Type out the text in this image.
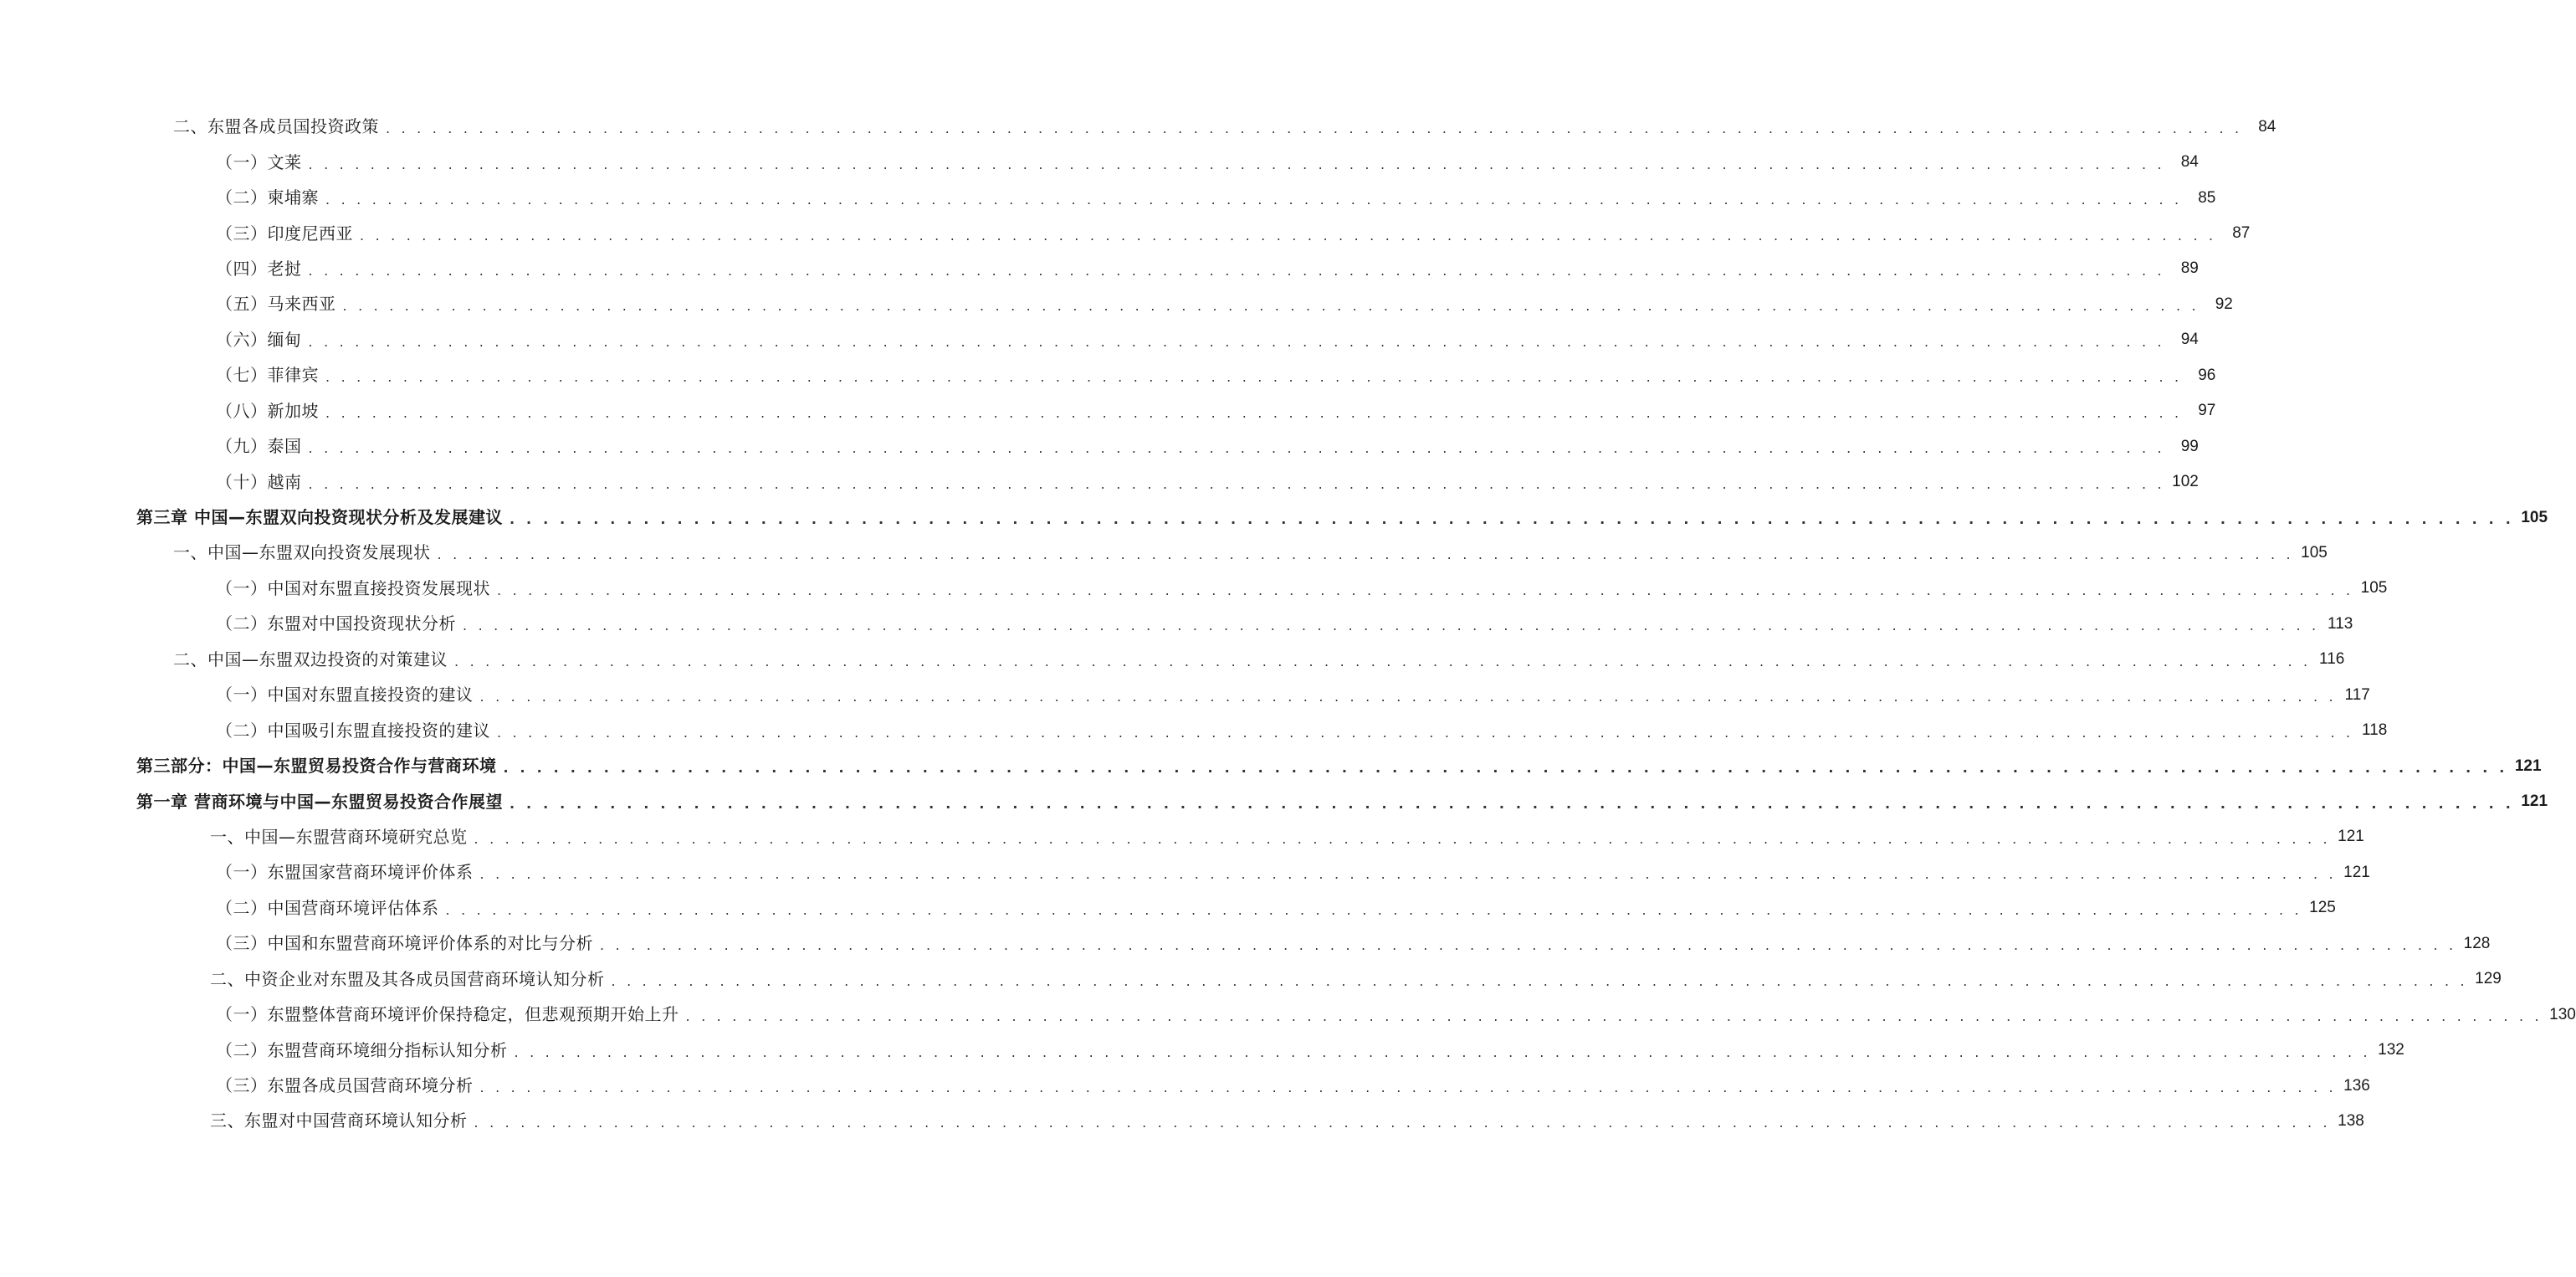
二、东盟各成员国投资政策 . . . . . . . . . . . . . . . . . . . . . . . . . . . . . . . . . . . . . . . . . . . . . . . . . . . . . . . . . . . . . . . . . . . . . . . . . . . . . . . . . . . . . . . . . . . . . . . . . . . . . . . . . . . . . . . . . . . . . . . . 84
（一）文莱 . . . . . . . . . . . . . . . . . . . . . . . . . . . . . . . . . . . . . . . . . . . . . . . . . . . . . . . . . . . . . . . . . . . . . . . . . . . . . . . . . . . . . . . . . . . . . . . . . . . . . . . . . . . . . . . . . . . . . . . . 84
（二）柬埔寨 . . . . . . . . . . . . . . . . . . . . . . . . . . . . . . . . . . . . . . . . . . . . . . . . . . . . . . . . . . . . . . . . . . . . . . . . . . . . . . . . . . . . . . . . . . . . . . . . . . . . . . . . . . . . . . . . . . . . . . . . 85
（三）印度尼西亚 . . . . . . . . . . . . . . . . . . . . . . . . . . . . . . . . . . . . . . . . . . . . . . . . . . . . . . . . . . . . . . . . . . . . . . . . . . . . . . . . . . . . . . . . . . . . . . . . . . . . . . . . . . . . . . . . . . . . . . . . 87
（四）老挝 . . . . . . . . . . . . . . . . . . . . . . . . . . . . . . . . . . . . . . . . . . . . . . . . . . . . . . . . . . . . . . . . . . . . . . . . . . . . . . . . . . . . . . . . . . . . . . . . . . . . . . . . . . . . . . . . . . . . . . . . 89
（五）马来西亚 . . . . . . . . . . . . . . . . . . . . . . . . . . . . . . . . . . . . . . . . . . . . . . . . . . . . . . . . . . . . . . . . . . . . . . . . . . . . . . . . . . . . . . . . . . . . . . . . . . . . . . . . . . . . . . . . . . . . . . . . 92
（六）缅甸 . . . . . . . . . . . . . . . . . . . . . . . . . . . . . . . . . . . . . . . . . . . . . . . . . . . . . . . . . . . . . . . . . . . . . . . . . . . . . . . . . . . . . . . . . . . . . . . . . . . . . . . . . . . . . . . . . . . . . . . . 94
（七）菲律宾 . . . . . . . . . . . . . . . . . . . . . . . . . . . . . . . . . . . . . . . . . . . . . . . . . . . . . . . . . . . . . . . . . . . . . . . . . . . . . . . . . . . . . . . . . . . . . . . . . . . . . . . . . . . . . . . . . . . . . . . . 96
（八）新加坡 . . . . . . . . . . . . . . . . . . . . . . . . . . . . . . . . . . . . . . . . . . . . . . . . . . . . . . . . . . . . . . . . . . . . . . . . . . . . . . . . . . . . . . . . . . . . . . . . . . . . . . . . . . . . . . . . . . . . . . . . 97
（九）泰国 . . . . . . . . . . . . . . . . . . . . . . . . . . . . . . . . . . . . . . . . . . . . . . . . . . . . . . . . . . . . . . . . . . . . . . . . . . . . . . . . . . . . . . . . . . . . . . . . . . . . . . . . . . . . . . . . . . . . . . . . 99
（十）越南 . . . . . . . . . . . . . . . . . . . . . . . . . . . . . . . . . . . . . . . . . . . . . . . . . . . . . . . . . . . . . . . . . . . . . . . . . . . . . . . . . . . . . . . . . . . . . . . . . . . . . . . . . . . . . . . . . . . . . . . . 102
第三章 中国—东盟双向投资现状分析及发展建议 . . . . . . . . . . . . . . . . . . . . . . . . . . . . . . . . . . . . . . . . . . . . . . . . . . . . . . . . . . . . . . . . . . . . . . . . . . . . . . . . . . . . . . . . . . . . . . . . . . . . . . . . . . . . . . . . . . . . . . . . 105
一、中国—东盟双向投资发展现状 . . . . . . . . . . . . . . . . . . . . . . . . . . . . . . . . . . . . . . . . . . . . . . . . . . . . . . . . . . . . . . . . . . . . . . . . . . . . . . . . . . . . . . . . . . . . . . . . . . . . . . . . . . . . . . . . . . . . . . . . 105
（一）中国对东盟直接投资发展现状 . . . . . . . . . . . . . . . . . . . . . . . . . . . . . . . . . . . . . . . . . . . . . . . . . . . . . . . . . . . . . . . . . . . . . . . . . . . . . . . . . . . . . . . . . . . . . . . . . . . . . . . . . . . . . . . . . . . . . . . . 105
（二）东盟对中国投资现状分析 . . . . . . . . . . . . . . . . . . . . . . . . . . . . . . . . . . . . . . . . . . . . . . . . . . . . . . . . . . . . . . . . . . . . . . . . . . . . . . . . . . . . . . . . . . . . . . . . . . . . . . . . . . . . . . . . . . . . . . . . 113
二、中国—东盟双边投资的对策建议 . . . . . . . . . . . . . . . . . . . . . . . . . . . . . . . . . . . . . . . . . . . . . . . . . . . . . . . . . . . . . . . . . . . . . . . . . . . . . . . . . . . . . . . . . . . . . . . . . . . . . . . . . . . . . . . . . . . . . . . . 116
（一）中国对东盟直接投资的建议 . . . . . . . . . . . . . . . . . . . . . . . . . . . . . . . . . . . . . . . . . . . . . . . . . . . . . . . . . . . . . . . . . . . . . . . . . . . . . . . . . . . . . . . . . . . . . . . . . . . . . . . . . . . . . . . . . . . . . . . . 117
（二）中国吸引东盟直接投资的建议 . . . . . . . . . . . . . . . . . . . . . . . . . . . . . . . . . . . . . . . . . . . . . . . . . . . . . . . . . . . . . . . . . . . . . . . . . . . . . . . . . . . . . . . . . . . . . . . . . . . . . . . . . . . . . . . . . . . . . . . . 118
第三部分：中国—东盟贸易投资合作与营商环境 . . . . . . . . . . . . . . . . . . . . . . . . . . . . . . . . . . . . . . . . . . . . . . . . . . . . . . . . . . . . . . . . . . . . . . . . . . . . . . . . . . . . . . . . . . . . . . . . . . . . . . . . . . . . . . . . . . . . . . . . 121
第一章 营商环境与中国—东盟贸易投资合作展望 . . . . . . . . . . . . . . . . . . . . . . . . . . . . . . . . . . . . . . . . . . . . . . . . . . . . . . . . . . . . . . . . . . . . . . . . . . . . . . . . . . . . . . . . . . . . . . . . . . . . . . . . . . . . . . . . . . . . . . . . 121
一、中国—东盟营商环境研究总览 . . . . . . . . . . . . . . . . . . . . . . . . . . . . . . . . . . . . . . . . . . . . . . . . . . . . . . . . . . . . . . . . . . . . . . . . . . . . . . . . . . . . . . . . . . . . . . . . . . . . . . . . . . . . . . . . . . . . . . . . 121
（一）东盟国家营商环境评价体系 . . . . . . . . . . . . . . . . . . . . . . . . . . . . . . . . . . . . . . . . . . . . . . . . . . . . . . . . . . . . . . . . . . . . . . . . . . . . . . . . . . . . . . . . . . . . . . . . . . . . . . . . . . . . . . . . . . . . . . . . 121
（二）中国营商环境评估体系 . . . . . . . . . . . . . . . . . . . . . . . . . . . . . . . . . . . . . . . . . . . . . . . . . . . . . . . . . . . . . . . . . . . . . . . . . . . . . . . . . . . . . . . . . . . . . . . . . . . . . . . . . . . . . . . . . . . . . . . . 125
（三）中国和东盟营商环境评价体系的对比与分析 . . . . . . . . . . . . . . . . . . . . . . . . . . . . . . . . . . . . . . . . . . . . . . . . . . . . . . . . . . . . . . . . . . . . . . . . . . . . . . . . . . . . . . . . . . . . . . . . . . . . . . . . . . . . . . . . . . . . . . . . 128
二、中资企业对东盟及其各成员国营商环境认知分析 . . . . . . . . . . . . . . . . . . . . . . . . . . . . . . . . . . . . . . . . . . . . . . . . . . . . . . . . . . . . . . . . . . . . . . . . . . . . . . . . . . . . . . . . . . . . . . . . . . . . . . . . . . . . . . . . . . . . . . . . 129
（一）东盟整体营商环境评价保持稳定，但悲观预期开始上升 . . . . . . . . . . . . . . . . . . . . . . . . . . . . . . . . . . . . . . . . . . . . . . . . . . . . . . . . . . . . . . . . . . . . . . . . . . . . . . . . . . . . . . . . . . . . . . . . . . . . . . . . . . . . . . . . . . . . . . . . 130
（二）东盟营商环境细分指标认知分析 . . . . . . . . . . . . . . . . . . . . . . . . . . . . . . . . . . . . . . . . . . . . . . . . . . . . . . . . . . . . . . . . . . . . . . . . . . . . . . . . . . . . . . . . . . . . . . . . . . . . . . . . . . . . . . . . . . . . . . . . 132
（三）东盟各成员国营商环境分析 . . . . . . . . . . . . . . . . . . . . . . . . . . . . . . . . . . . . . . . . . . . . . . . . . . . . . . . . . . . . . . . . . . . . . . . . . . . . . . . . . . . . . . . . . . . . . . . . . . . . . . . . . . . . . . . . . . . . . . . . 136
三、东盟对中国营商环境认知分析 . . . . . . . . . . . . . . . . . . . . . . . . . . . . . . . . . . . . . . . . . . . . . . . . . . . . . . . . . . . . . . . . . . . . . . . . . . . . . . . . . . . . . . . . . . . . . . . . . . . . . . . . . . . . . . . . . . . . . . . . 138
